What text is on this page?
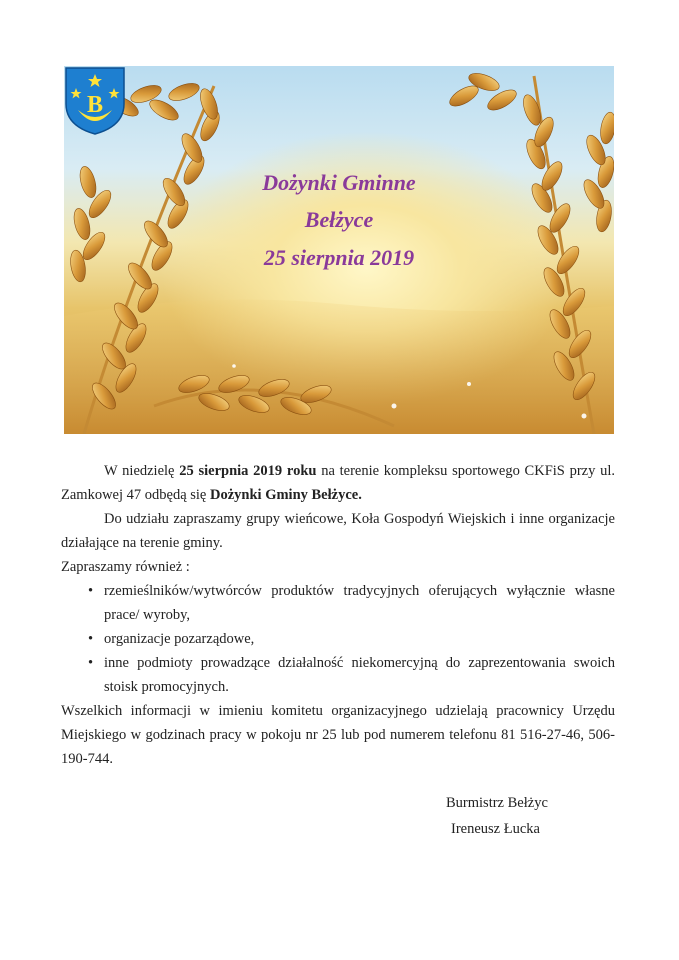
Dożynki Gminne
Bełżyce
25 sierpnia 2019
B

W niedzielę 25 sierpnia 2019 roku na terenie kompleksu sportowego CKFiS przy ul. Zamkowej 47 odbędą się Dożynki Gminy Bełżyce.

Do udziału zapraszamy grupy wieńcowe, Koła Gospodyń Wiejskich i inne organizacje działające na terenie gminy.

Zapraszamy również :

• rzemieślników/wytwórców produktów tradycyjnych oferujących wyłącznie własne prace/ wyroby,
• organizacje pozarządowe,
• inne podmioty prowadzące działalność niekomercyjną do zaprezentowania swoich stoisk promocyjnych.

Wszelkich informacji w imieniu komitetu organizacyjnego udzielają pracownicy Urzędu Miejskiego w godzinach pracy w pokoju nr 25 lub pod numerem telefonu 81 516-27-46, 506-190-744.

Burmistrz Bełżyc
Ireneusz Łucka
